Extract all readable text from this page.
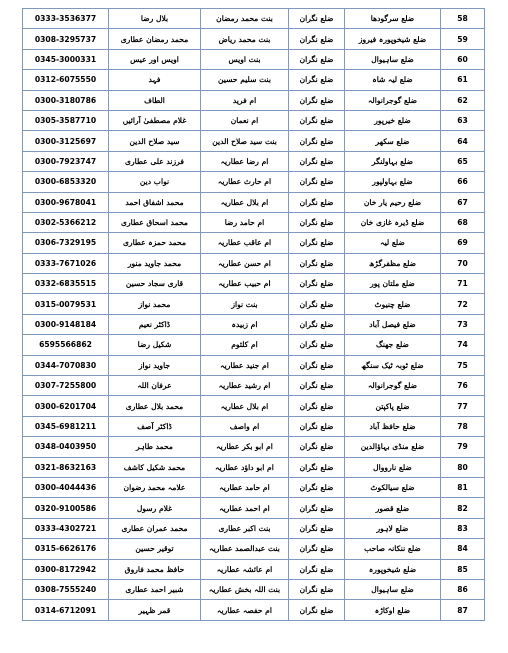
0333-3536377	بلال رضا	بنت محمد رمضان	ضلع نگران	ضلع سرگودھا	58
0308-3295737	محمد رمضان عطاری	بنت محمد ریاض	ضلع نگران	ضلع شیخوپورہ فیروز	59
0345-3000331	اویس اور عیس	بنت اویس	ضلع نگران	ضلع ساہیوال	60
0312-6075550	فہد	بنت سلیم حسین	ضلع نگران	ضلع لیہ شاہ	61
0300-3180786	الطاف	ام فرید	ضلع نگران	ضلع گوجرانوالہ	62
0305-3587710	غلام مصطفیٰ آرائیں	ام نعمان	ضلع نگران	ضلع خیرپور	63
0300-3125697	سید صلاح الدین	بنت سید صلاح الدین	ضلع نگران	ضلع سکھر	64
0300-7923747	فرزند علی عطاری	ام رضا عطاریہ	ضلع نگران	ضلع بہاولنگر	65
0300-6853320	نواب دین	ام حارث عطاریہ	ضلع نگران	ضلع بہاولپور	66
0300-9678041	محمد اشفاق احمد	ام بلال عطاریہ	ضلع نگران	ضلع رحیم یار خان	67
0302-5366212	محمد اسحاق عطاری	ام حامد رضا	ضلع نگران	ضلع ڈیرہ غازی خان	68
0306-7329195	محمد حمزہ عطاری	ام عاقب عطاریہ	ضلع نگران	ضلع لیہ	69
0333-7671026	محمد جاوید منور	ام حسن عطاریہ	ضلع نگران	ضلع مظفرگڑھ	70
0332-6835515	قاری سجاد حسین	ام حبیب عطاریہ	ضلع نگران	ضلع ملتان پور	71
0315-0079531	محمد نواز	بنت نواز	ضلع نگران	ضلع چنیوٹ	72
0300-9148184	ڈاکٹر نعیم	ام زبیدہ	ضلع نگران	ضلع فیصل آباد	73
6595566862	شکیل رضا	ام کلثوم	ضلع نگران	ضلع جھنگ	74
0344-7070830	جاوید نواز	ام جنید عطاریہ	ضلع نگران	ضلع ٹوبہ ٹیک سنگھ	75
0307-7255800	عرفان اللہ	ام رشید عطاریہ	ضلع نگران	ضلع گوجرانوالہ	76
0300-6201704	محمد بلال عطاری	ام بلال عطاریہ	ضلع نگران	ضلع پاکپتن	77
0345-6981211	ڈاکٹر آصف	ام واصف	ضلع نگران	ضلع حافظ آباد	78
0348-0403950	محمد طاہر	ام ابو بکر عطاریہ	ضلع نگران	ضلع منڈی بہاؤالدین	79
0321-8632163	محمد شکیل کاشف	ام ابو داؤد عطاریہ	ضلع نگران	ضلع نارووال	80
0300-4044436	علامہ محمد رضوان	ام حامد عطاریہ	ضلع نگران	ضلع سیالکوٹ	81
0320-9100586	غلام رسول	ام احمد عطاریہ	ضلع نگران	ضلع قصور	82
0333-4302721	محمد عمران عطاری	بنت اکبر عطاری	ضلع نگران	ضلع لاہور	83
0315-6626176	توقیر حسین	بنت عبدالصمد عطاریہ	ضلع نگران	ضلع ننکانہ صاحب	84
0300-8172942	حافظ محمد فاروق	ام عائشہ عطاریہ	ضلع نگران	ضلع شیخوپورہ	85
0308-7555240	شبیر احمد عطاری	بنت اللہ بخش عطاریہ	ضلع نگران	ضلع ساہیوال	86
0314-6712091	قمر ظہیر	ام حفصہ عطاریہ	ضلع نگران	ضلع اوکاڑہ	87
